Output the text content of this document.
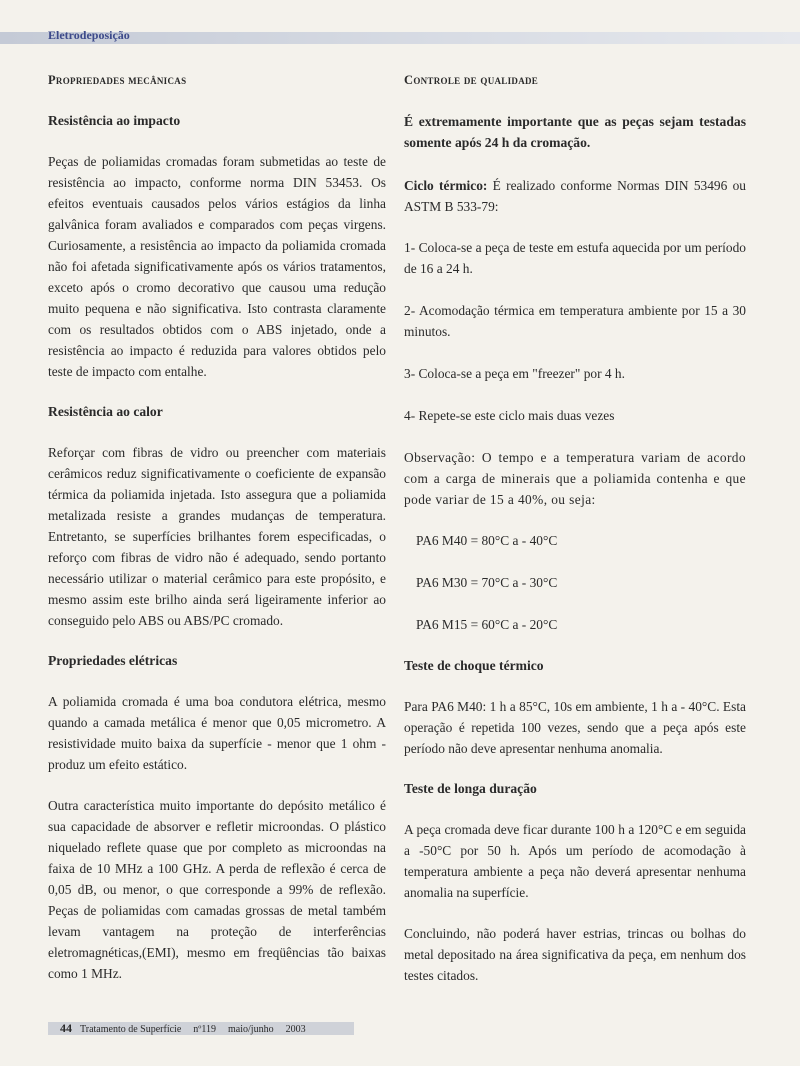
Eletrodeposição
Propriedades mecânicas
Resistência ao impacto

Peças de poliamidas cromadas foram submetidas ao teste de resistência ao impacto, conforme norma DIN 53453. Os efeitos eventuais causados pelos vários estágios da linha galvânica foram avaliados e comparados com peças virgens. Curiosamente, a resistência ao impacto da poliamida cromada não foi afetada significativamente após os vários tratamentos, exceto após o cromo decorativo que causou uma redução muito pequena e não significativa. Isto contrasta claramente com os resultados obtidos com o ABS injetado, onde a resistência ao impacto é reduzida para valores obtidos pelo teste de impacto com entalhe.

Resistência ao calor

Reforçar com fibras de vidro ou preencher com materiais cerâmicos reduz significativamente o coeficiente de expansão térmica da poliamida injetada. Isto assegura que a poliamida metalizada resiste a grandes mudanças de temperatura. Entretanto, se superfícies brilhantes forem especificadas, o reforço com fibras de vidro não é adequado, sendo portanto necessário utilizar o material cerâmico para este propósito, e mesmo assim este brilho ainda será ligeiramente inferior ao conseguido pelo ABS ou ABS/PC cromado.

Propriedades elétricas

A poliamida cromada é uma boa condutora elétrica, mesmo quando a camada metálica é menor que 0,05 micrometro. A resistividade muito baixa da superfície - menor que 1 ohm - produz um efeito estático.

Outra característica muito importante do depósito metálico é sua capacidade de absorver e refletir microondas. O plástico niquelado reflete quase que por completo as microondas na faixa de 10 MHz a 100 GHz. A perda de reflexão é cerca de 0,05 dB, ou menor, o que corresponde a 99% de reflexão. Peças de poliamidas com camadas grossas de metal também levam vantagem na proteção de interferências eletromagnéticas,(EMI), mesmo em freqüências tão baixas como 1 MHz.

Controle de qualidade

É extremamente importante que as peças sejam testadas somente após 24 h da cromação.

Ciclo térmico: É realizado conforme Normas DIN 53496 ou ASTM B 533-79:

1- Coloca-se a peça de teste em estufa aquecida por um período de 16 a 24 h.

2- Acomodação térmica em temperatura ambiente por 15 a 30 minutos.

3- Coloca-se a peça em "freezer" por 4 h.

4- Repete-se este ciclo mais duas vezes

Observação: O tempo e a temperatura variam de acordo com a carga de minerais que a poliamida contenha e que pode variar de 15 a 40%, ou seja:

PA6 M40 = 80°C a - 40°C

PA6 M30 = 70°C a - 30°C

PA6 M15 = 60°C a - 20°C

Teste de choque térmico

Para PA6 M40: 1 h a 85°C, 10s em ambiente, 1 h a - 40°C. Esta operação é repetida 100 vezes, sendo que a peça após este período não deve apresentar nenhuma anomalia.

Teste de longa duração

A peça cromada deve ficar durante 100 h a 120°C e em seguida a -50°C por 50 h. Após um período de acomodação à temperatura ambiente a peça não deverá apresentar nenhuma anomalia na superfície.

Concluindo, não poderá haver estrias, trincas ou bolhas do metal depositado na área significativa da peça, em nenhum dos testes citados.

44 Tratamento de Superfície nº119 maio/junho 2003
